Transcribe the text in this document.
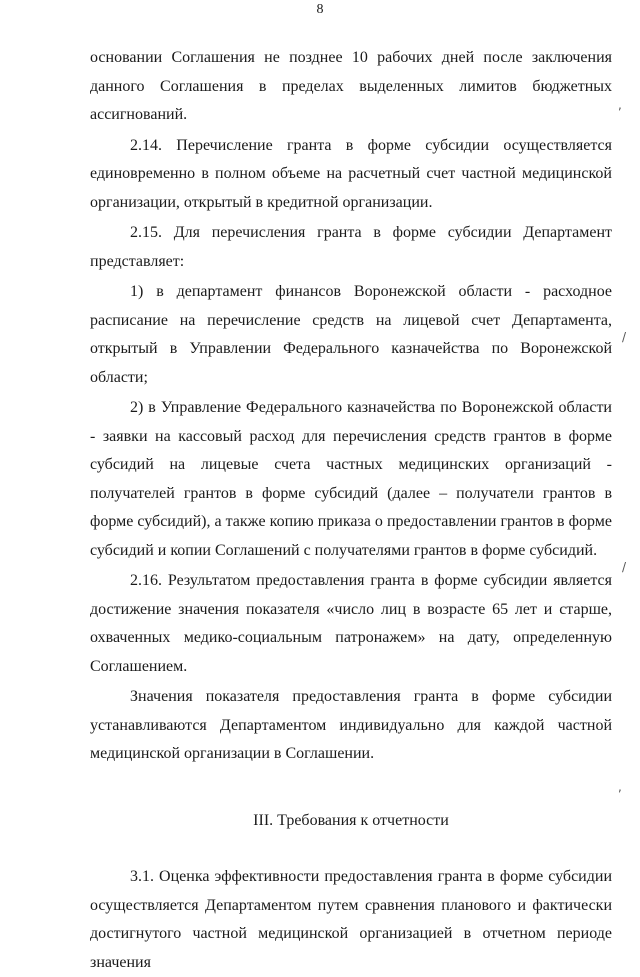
8

основании Соглашения не позднее 10 рабочих дней после заключения данного Соглашения в пределах выделенных лимитов бюджетных ассигнований.

2.14. Перечисление гранта в форме субсидии осуществляется единовременно в полном объеме на расчетный счет частной медицинской организации, открытый в кредитной организации.

2.15. Для перечисления гранта в форме субсидии Департамент представляет:

1) в департамент финансов Воронежской области - расходное расписание на перечисление средств на лицевой счет Департамента, открытый в Управлении Федерального казначейства по Воронежской области;

2) в Управление Федерального казначейства по Воронежской области - заявки на кассовый расход для перечисления средств грантов в форме субсидий на лицевые счета частных медицинских организаций - получателей грантов в форме субсидий (далее – получатели грантов в форме субсидий), а также копию приказа о предоставлении грантов в форме субсидий и копии Соглашений с получателями грантов в форме субсидий.

2.16. Результатом предоставления гранта в форме субсидии является достижение значения показателя «число лиц в возрасте 65 лет и старше, охваченных медико-социальным патронажем» на дату, определенную Соглашением.

Значения показателя предоставления гранта в форме субсидии устанавливаются Департаментом индивидуально для каждой частной медицинской организации в Соглашении.

III. Требования к отчетности

3.1. Оценка эффективности предоставления гранта в форме субсидии осуществляется Департаментом путем сравнения планового и фактически достигнутого частной медицинской организацией в отчетном периоде значения

,
/
/
,
